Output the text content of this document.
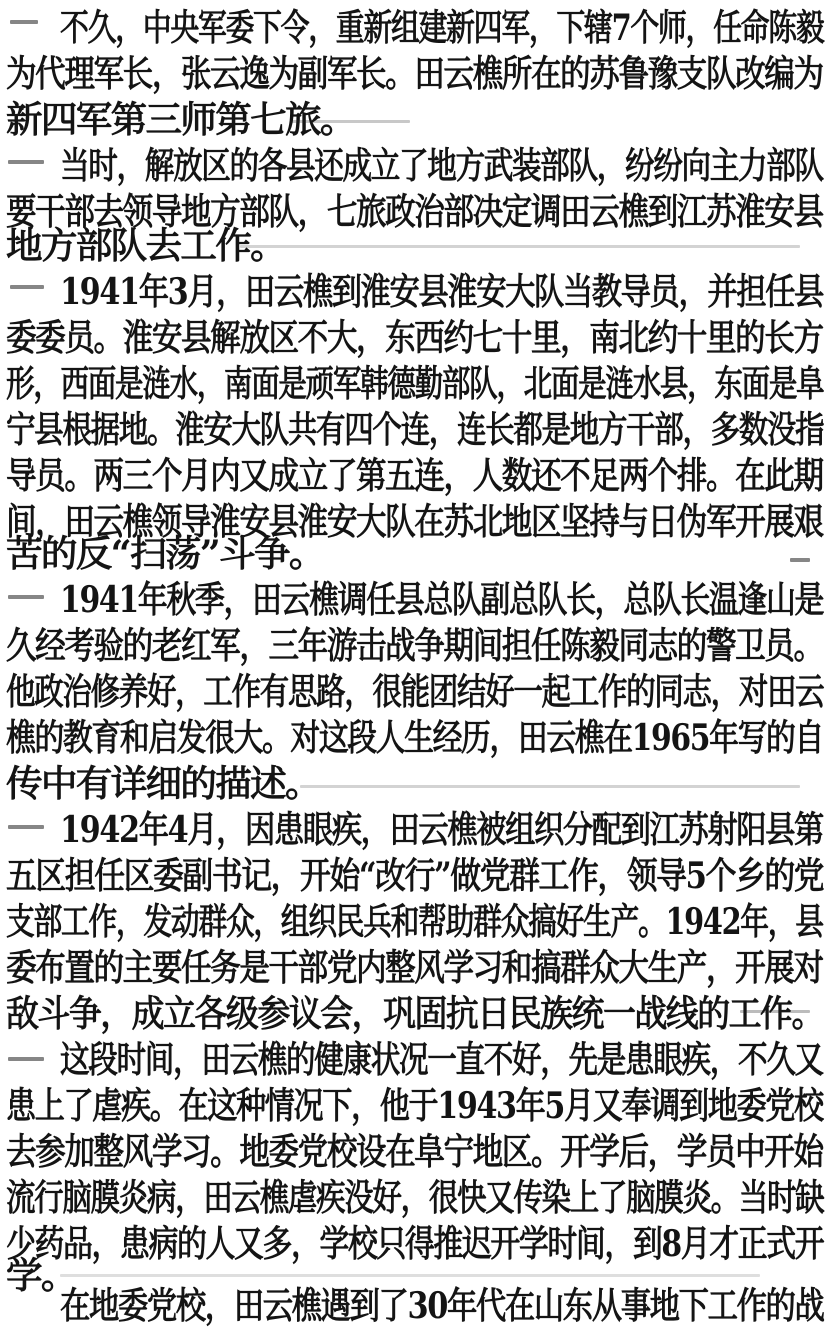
不久，中央军委下令，重新组建新四军，下辖7个师，任命陈毅
为代理军长，张云逸为副军长。田云樵所在的苏鲁豫支队改编为
新四军第三师第七旅。
当时，解放区的各县还成立了地方武装部队，纷纷向主力部队
要干部去领导地方部队，七旅政治部决定调田云樵到江苏淮安县
地方部队去工作。
1941年3月，田云樵到淮安县淮安大队当教导员，并担任县
委委员。淮安县解放区不大，东西约七十里，南北约十里的长方
形，西面是涟水，南面是顽军韩德勤部队，北面是涟水县，东面是阜
宁县根据地。淮安大队共有四个连，连长都是地方干部，多数没指
导员。两三个月内又成立了第五连，人数还不足两个排。在此期
间，田云樵领导淮安县淮安大队在苏北地区坚持与日伪军开展艰
苦的反“扫荡”斗争。
1941年秋季，田云樵调任县总队副总队长，总队长温逢山是
久经考验的老红军，三年游击战争期间担任陈毅同志的警卫员。
他政治修养好，工作有思路，很能团结好一起工作的同志，对田云
樵的教育和启发很大。对这段人生经历，田云樵在1965年写的自
传中有详细的描述。
1942年4月，因患眼疾，田云樵被组织分配到江苏射阳县第
五区担任区委副书记，开始“改行”做党群工作，领导5个乡的党
支部工作，发动群众，组织民兵和帮助群众搞好生产。1942年，县
委布置的主要任务是干部党内整风学习和搞群众大生产，开展对
敌斗争，成立各级参议会，巩固抗日民族统一战线的工作。
这段时间，田云樵的健康状况一直不好，先是患眼疾，不久又
患上了虐疾。在这种情况下，他于1943年5月又奉调到地委党校
去参加整风学习。地委党校设在阜宁地区。开学后，学员中开始
流行脑膜炎病，田云樵虐疾没好，很快又传染上了脑膜炎。当时缺
少药品，患病的人又多，学校只得推迟开学时间，到8月才正式开
学。
在地委党校，田云樵遇到了30年代在山东从事地下工作的战
